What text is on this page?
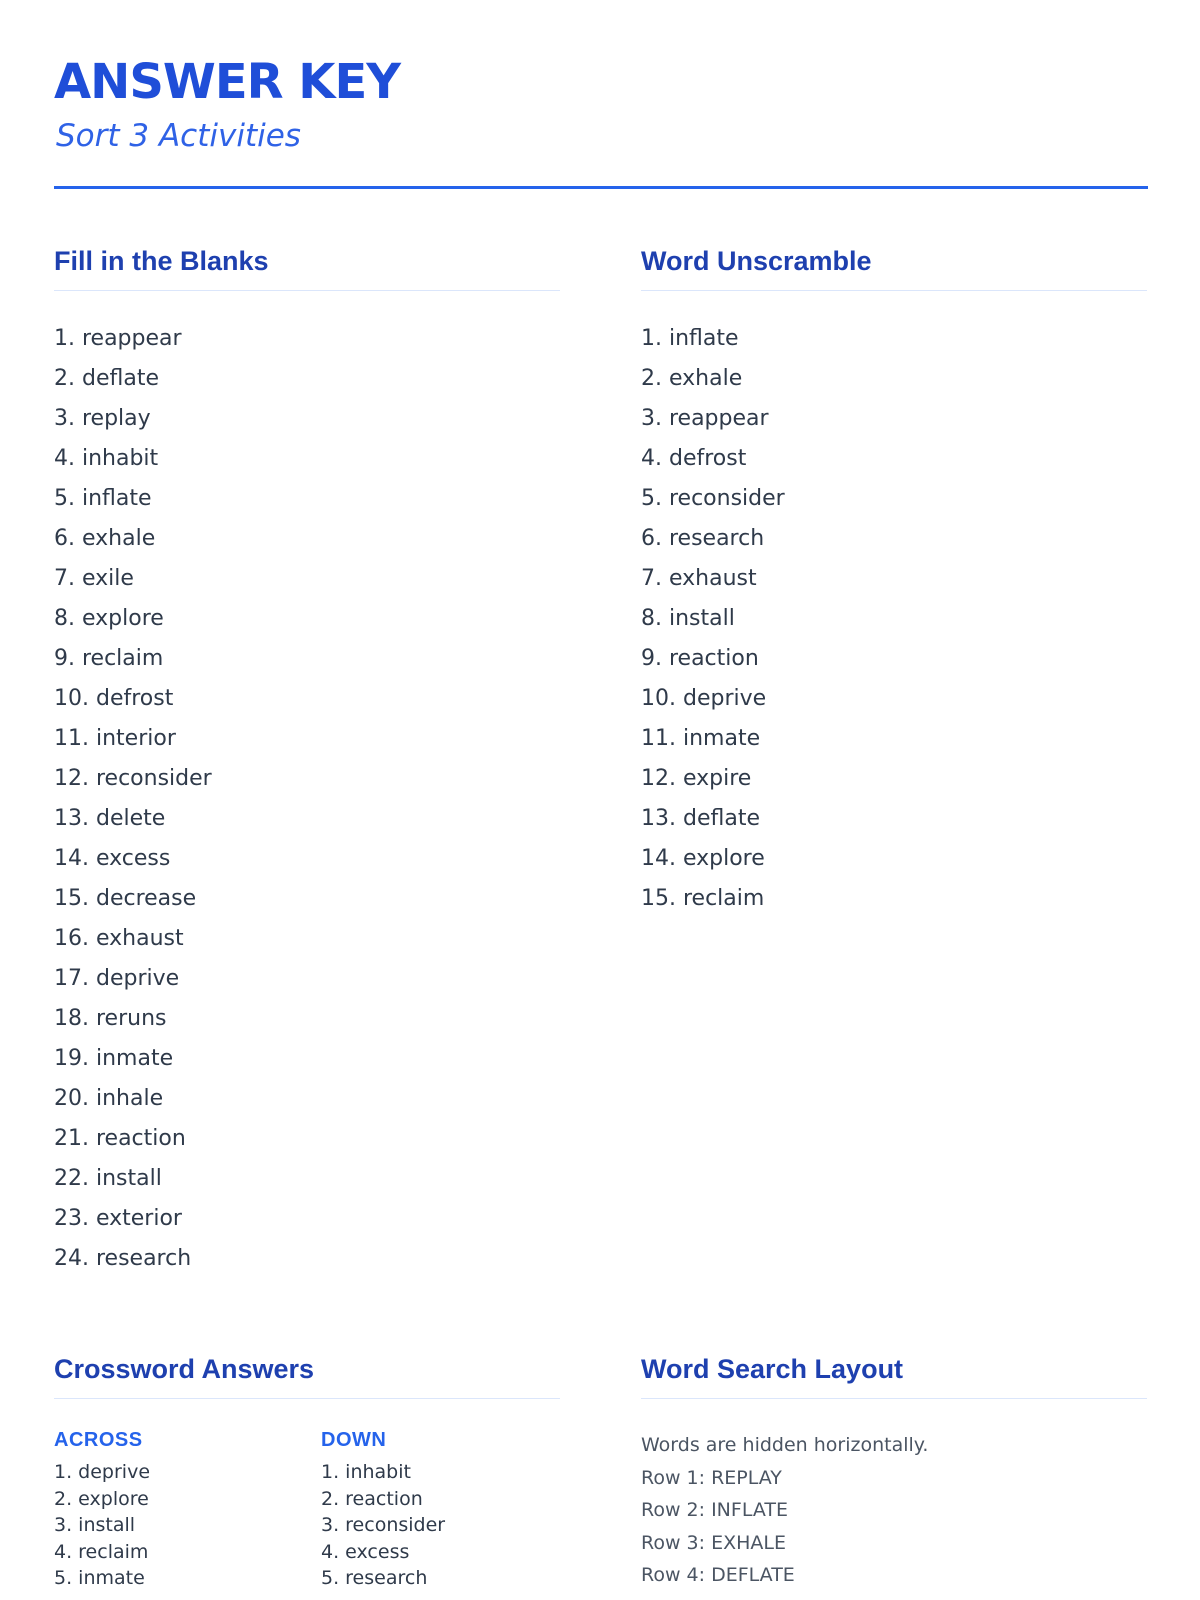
ANSWER KEY
Sort 3 Activities
Fill in the Blanks
1. reappear
2. deflate
3. replay
4. inhabit
5. inflate
6. exhale
7. exile
8. explore
9. reclaim
10. defrost
11. interior
12. reconsider
13. delete
14. excess
15. decrease
16. exhaust
17. deprive
18. reruns
19. inmate
20. inhale
21. reaction
22. install
23. exterior
24. research
Word Unscramble
1. inflate
2. exhale
3. reappear
4. defrost
5. reconsider
6. research
7. exhaust
8. install
9. reaction
10. deprive
11. inmate
12. expire
13. deflate
14. explore
15. reclaim
Crossword Answers
ACROSS
1. deprive
2. explore
3. install
4. reclaim
5. inmate
DOWN
1. inhabit
2. reaction
3. reconsider
4. excess
5. research
Word Search Layout
Words are hidden horizontally.
Row 1: REPLAY
Row 2: INFLATE
Row 3: EXHALE
Row 4: DEFLATE
